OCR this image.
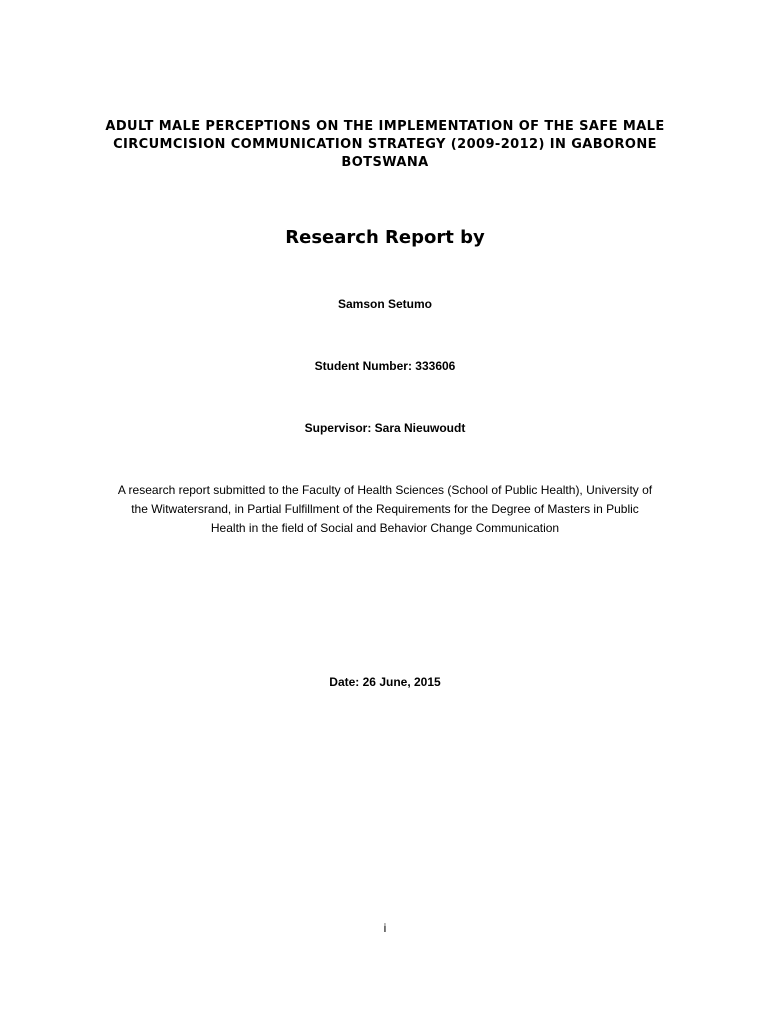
ADULT MALE PERCEPTIONS ON THE IMPLEMENTATION OF THE SAFE MALE
CIRCUMCISION COMMUNICATION STRATEGY (2009-2012) IN GABORONE
BOTSWANA
Research Report by
Samson Setumo
Student Number: 333606
Supervisor: Sara Nieuwoudt
A research report submitted to the Faculty of Health Sciences (School of Public Health), University of
the Witwatersrand, in Partial Fulfillment of the Requirements for the Degree of Masters in Public
Health in the field of Social and Behavior Change Communication
Date: 26 June, 2015
i
